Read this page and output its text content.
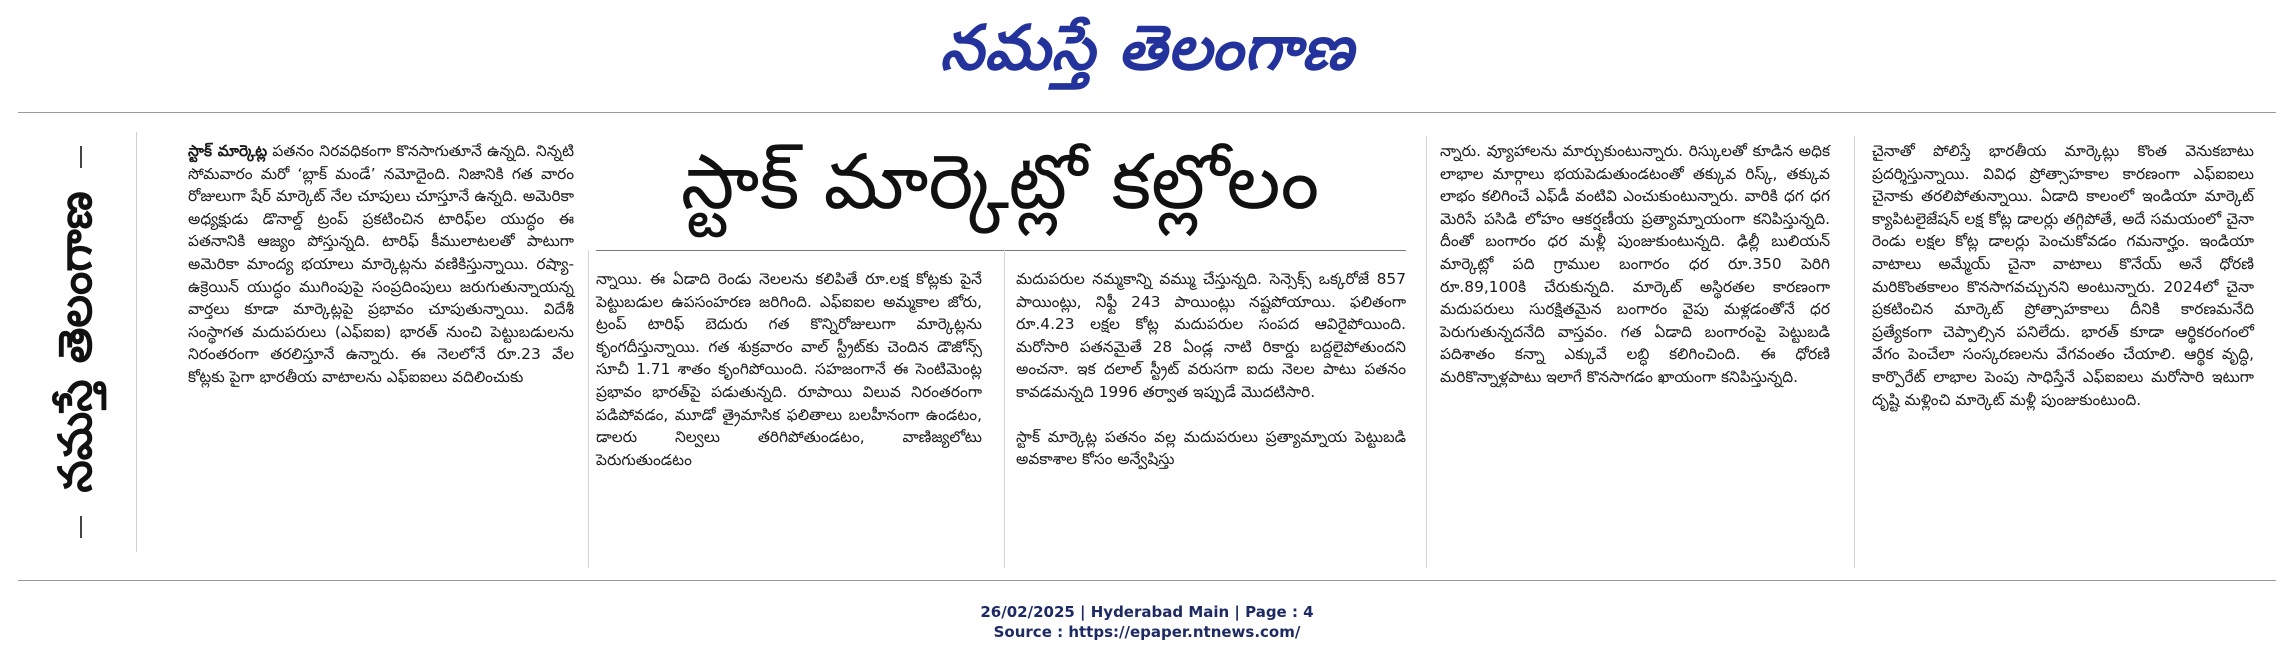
నమస్తే తెలంగాణ
నమస్తే తెలంగాణ

స్టాక్ మార్కెట్ల పతనం నిరవధికంగా కొనసాగుతూనే ఉన్నది. నిన్నటి సోమవారం మరో ‘బ్లాక్ మండే’ నమోదైంది. నిజానికి గత వారం రోజులుగా షేర్ మార్కెట్ నేల చూపులు చూస్తూనే ఉన్నది. అమెరికా అధ్యక్షుడు డొనాల్డ్ ట్రంప్ ప్రకటించిన టారిఫ్‌ల యుద్ధం ఈ పతనానికి ఆజ్యం పోస్తున్నది. టారిఫ్ కీములాటలతో పాటుగా అమెరికా మాంద్య భయాలు మార్కెట్లను వణికిస్తున్నాయి. రష్యా-ఉక్రెయిన్ యుద్ధం ముగింపుపై సంప్రదింపులు జరుగుతున్నాయన్న వార్తలు కూడా మార్కెట్లపై ప్రభావం చూపుతున్నాయి. విదేశీ సంస్థాగత మదుపరులు (ఎఫ్‌ఐఐ) భారత్ నుంచి పెట్టుబడులను నిరంతరంగా తరలిస్తూనే ఉన్నారు. ఈ నెలలోనే రూ.23 వేల కోట్లకు పైగా భారతీయ వాటాలను ఎఫ్‌ఐఐలు వదిలించుకు

స్టాక్ మార్కెట్లో కల్లోలం

న్నాయి. ఈ ఏడాది రెండు నెలలను కలిపితే రూ.లక్ష కోట్లకు పైనే పెట్టుబడుల ఉపసంహరణ జరిగింది. ఎఫ్‌ఐఐల అమ్మకాల జోరు, ట్రంప్ టారిఫ్ బెదురు గత కొన్నిరోజులుగా మార్కెట్లను కృంగదీస్తున్నాయి. గత శుక్రవారం వాల్ స్ట్రీట్‌కు చెందిన డౌజోన్స్ సూచీ 1.71 శాతం కృంగిపోయింది. సహజంగానే ఈ సెంటిమెంట్ల ప్రభావం భారత్‌పై పడుతున్నది. రూపాయి విలువ నిరంతరంగా పడిపోవడం, మూడో త్రైమాసిక ఫలితాలు బలహీనంగా ఉండటం, డాలరు నిల్వలు తరిగిపోతుండటం, వాణిజ్యలోటు పెరుగుతుండటం

మదుపరుల నమ్మకాన్ని వమ్ము చేస్తున్నది. సెన్సెక్స్ ఒక్కరోజే 857 పాయింట్లు, నిఫ్టీ 243 పాయింట్లు నష్టపోయాయి. ఫలితంగా రూ.4.23 లక్షల కోట్ల మదుపరుల సంపద ఆవిరైపోయింది. మరోసారి పతనమైతే 28 ఏండ్ల నాటి రికార్డు బద్దలైపోతుందని అంచనా. ఇక దలాల్ స్ట్రీట్ వరుసగా ఐదు నెలల పాటు పతనం కావడమన్నది 1996 తర్వాత ఇప్పుడే మొదటిసారి.

స్టాక్ మార్కెట్ల పతనం వల్ల మదుపరులు ప్రత్యామ్నాయ పెట్టుబడి అవకాశాల కోసం అన్వేషిస్తు

న్నారు. వ్యూహాలను మార్చుకుంటున్నారు. రిస్కులతో కూడిన అధిక లాభాల మార్గాలు భయపెడుతుండటంతో తక్కువ రిస్క్, తక్కువ లాభం కలిగించే ఎఫ్‌డీ వంటివి ఎంచుకుంటున్నారు. వారికి ధగ ధగ మెరిసే పసిడి లోహం ఆకర్షణీయ ప్రత్యామ్నాయంగా కనిపిస్తున్నది. దీంతో బంగారం ధర మళ్లీ పుంజుకుంటున్నది. ఢిల్లీ బులియన్ మార్కెట్లో పది గ్రాముల బంగారం ధర రూ.350 పెరిగి రూ.89,100కి చేరుకున్నది. మార్కెట్ అస్థిరతల కారణంగా మదుపరులు సురక్షితమైన బంగారం వైపు మళ్లడంతోనే ధర పెరుగుతున్నదనేది వాస్తవం. గత ఏడాది బంగారంపై పెట్టుబడి పదిశాతం కన్నా ఎక్కువే లబ్ధి కలిగించింది. ఈ ధోరణి మరికొన్నాళ్లపాటు ఇలాగే కొనసాగడం ఖాయంగా కనిపిస్తున్నది.

చైనాతో పోలిస్తే భారతీయ మార్కెట్లు కొంత వెనుకబాటు ప్రదర్శిస్తున్నాయి. వివిధ ప్రోత్సాహకాల కారణంగా ఎఫ్‌ఐఐలు చైనాకు తరలిపోతున్నాయి. ఏడాది కాలంలో ఇండియా మార్కెట్ క్యాపిటలైజేషన్ లక్ష కోట్ల డాలర్లు తగ్గిపోతే, అదే సమయంలో చైనా రెండు లక్షల కోట్ల డాలర్లు పెంచుకోవడం గమనార్హం. ఇండియా వాటాలు అమ్మేయ్ చైనా వాటాలు కొనేయ్ అనే ధోరణి మరికొంతకాలం కొనసాగవచ్చునని అంటున్నారు. 2024లో చైనా ప్రకటించిన మార్కెట్ ప్రోత్సాహకాలు దీనికి కారణమనేది ప్రత్యేకంగా చెప్పాల్సిన పనిలేదు. భారత్ కూడా ఆర్థికరంగంలో వేగం పెంచేలా సంస్కరణలను వేగవంతం చేయాలి. ఆర్థిక వృద్ధి, కార్పొరేట్ లాభాల పెంపు సాధిస్తేనే ఎఫ్‌ఐఐలు మరోసారి ఇటుగా దృష్టి మళ్లించి మార్కెట్ మళ్లీ పుంజుకుంటుంది.

26/02/2025 | Hyderabad Main | Page : 4
Source : https://epaper.ntnews.com/
